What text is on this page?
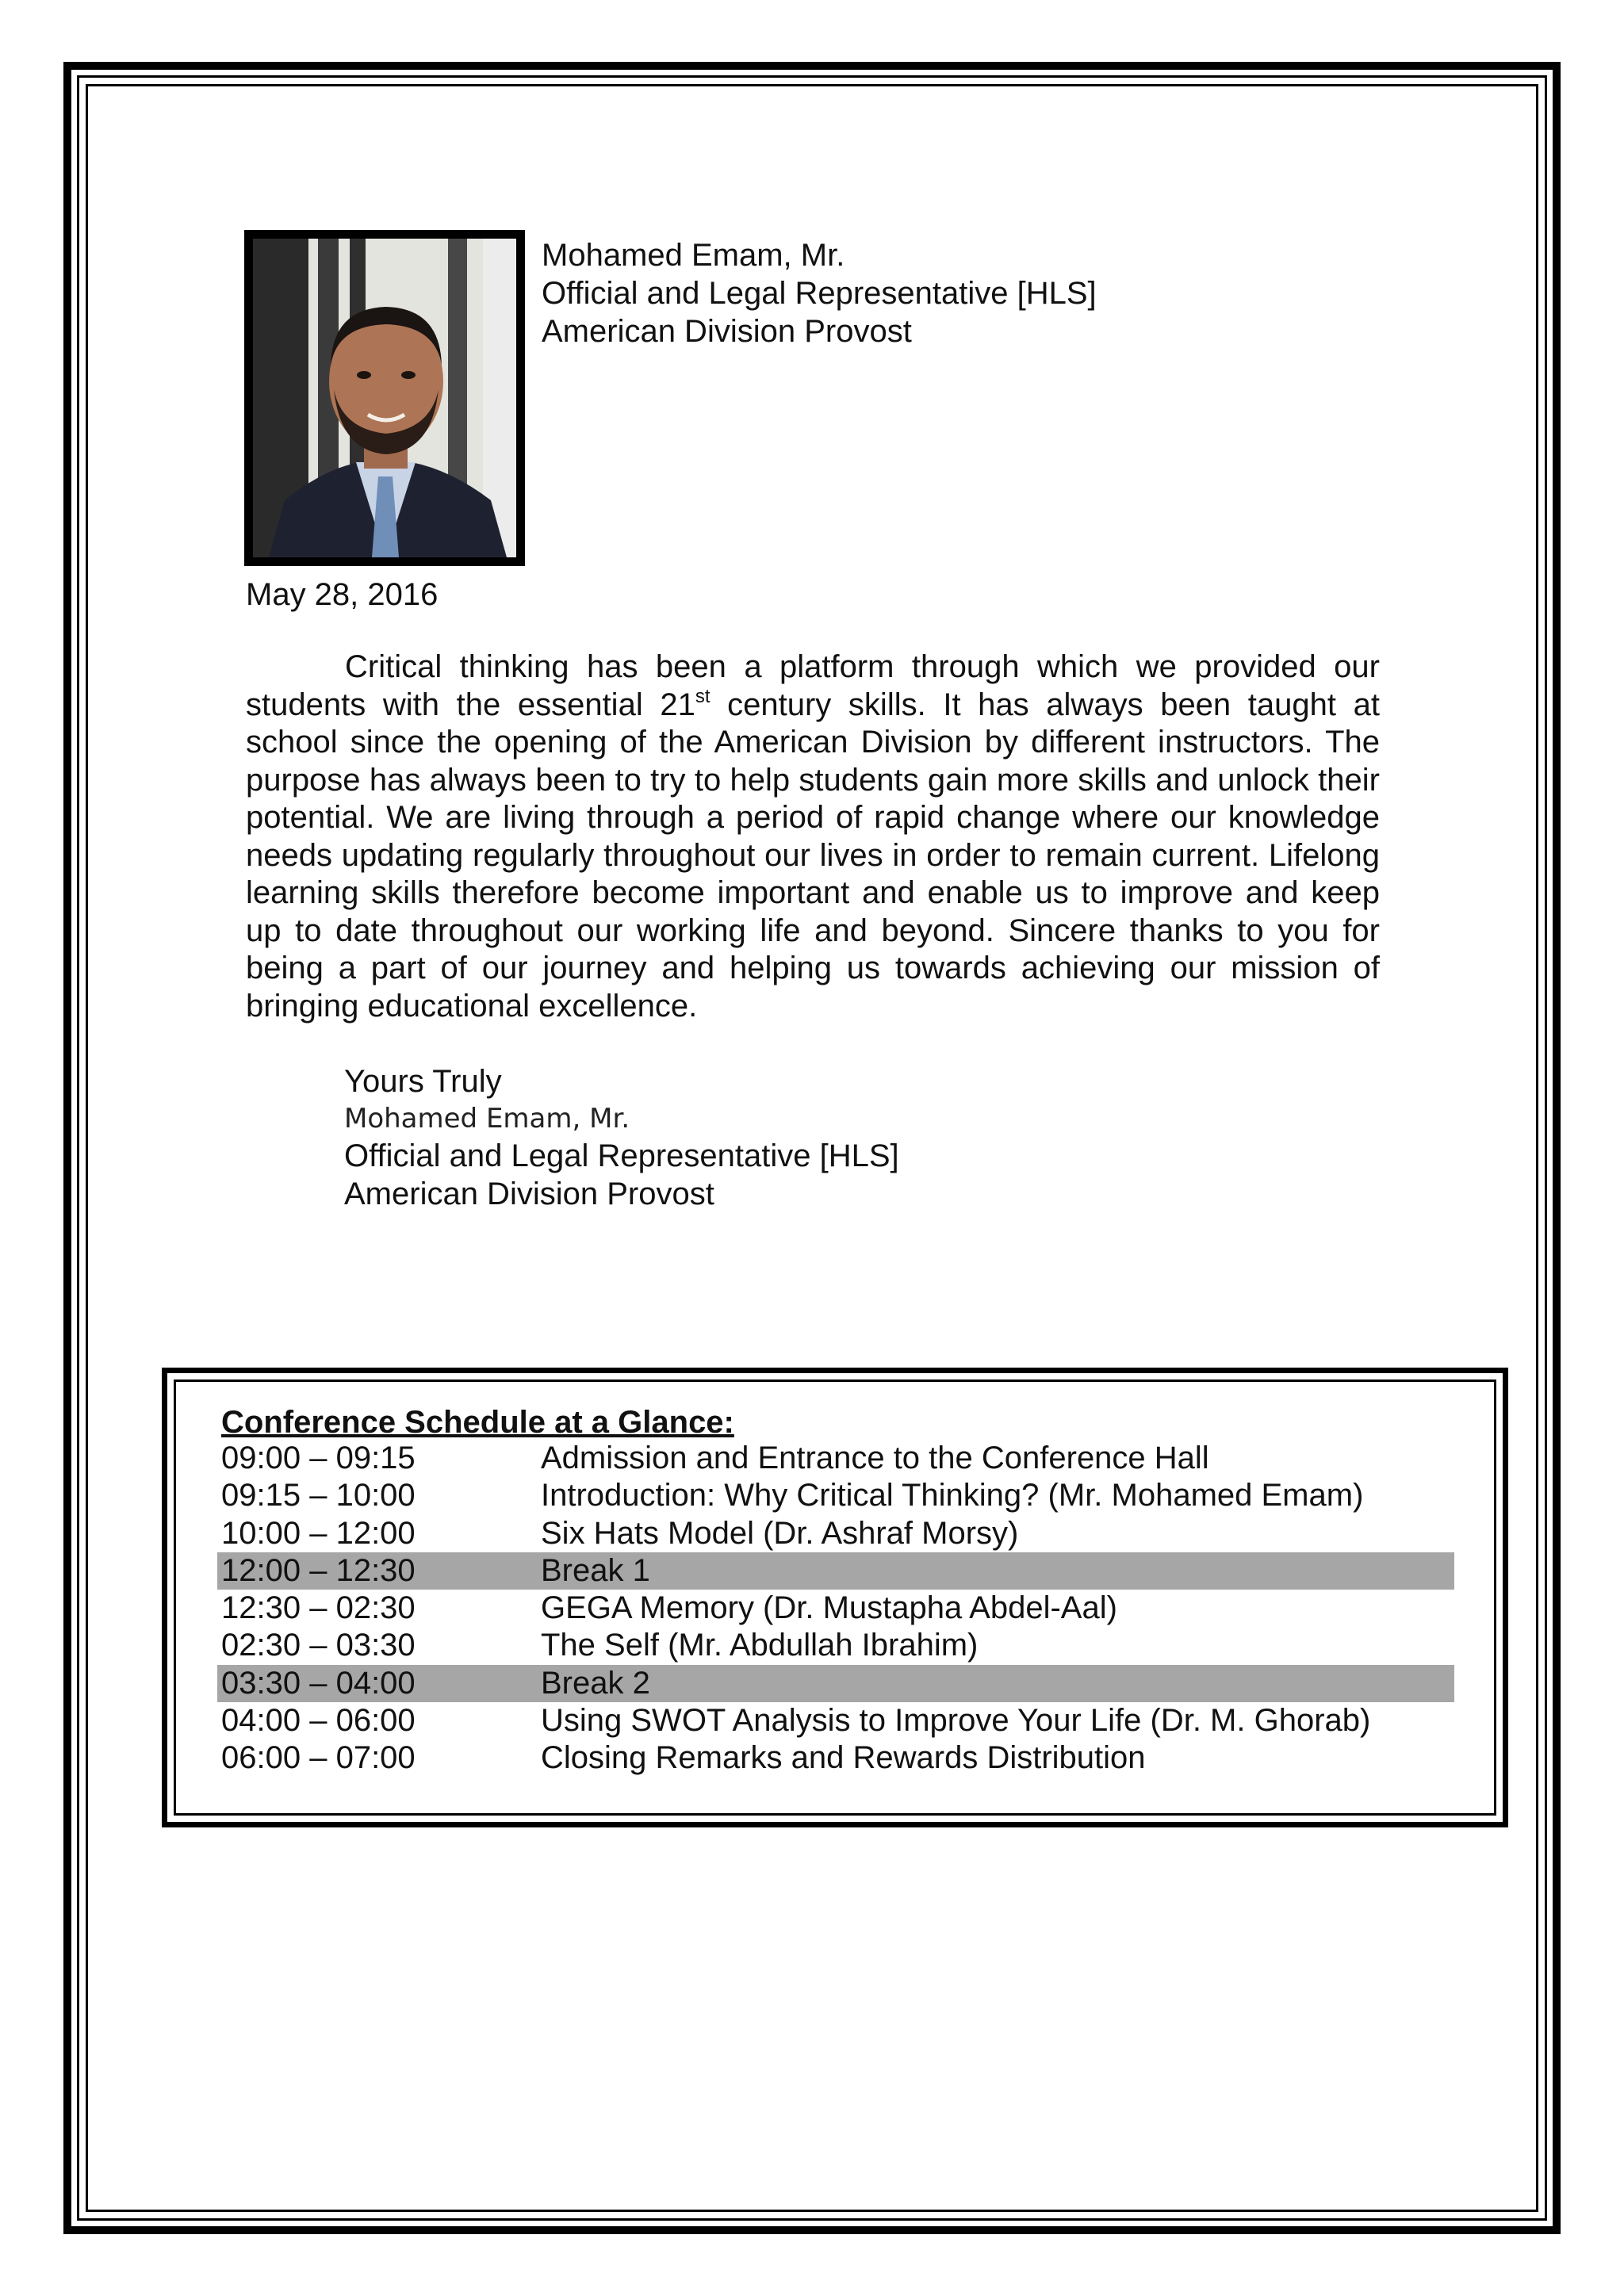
Mohamed Emam, Mr.
Official and Legal Representative [HLS]
American Division Provost
May 28, 2016
Critical thinking has been a platform through which we provided our students with the essential 21st century skills. It has always been taught at school since the opening of the American Division by different instructors. The purpose has always been to try to help students gain more skills and unlock their potential. We are living through a period of rapid change where our knowledge needs updating regularly throughout our lives in order to remain current. Lifelong learning skills therefore become important and enable us to improve and keep up to date throughout our working life and beyond. Sincere thanks to you for being a part of our journey and helping us towards achieving our mission of bringing educational excellence.
Yours Truly
Mohamed Emam, Mr.
Official and Legal Representative [HLS]
American Division Provost
Conference Schedule at a Glance:
09:00 – 09:15	Admission and Entrance to the Conference Hall
09:15 – 10:00	Introduction: Why Critical Thinking? (Mr. Mohamed Emam)
10:00 – 12:00	Six Hats Model (Dr. Ashraf Morsy)
12:00 – 12:30	Break 1
12:30 – 02:30	GEGA Memory (Dr. Mustapha Abdel-Aal)
02:30 – 03:30	The Self (Mr. Abdullah Ibrahim)
03:30 – 04:00	Break 2
04:00 – 06:00	Using SWOT Analysis to Improve Your Life (Dr. M. Ghorab)
06:00 – 07:00	Closing Remarks and Rewards Distribution
